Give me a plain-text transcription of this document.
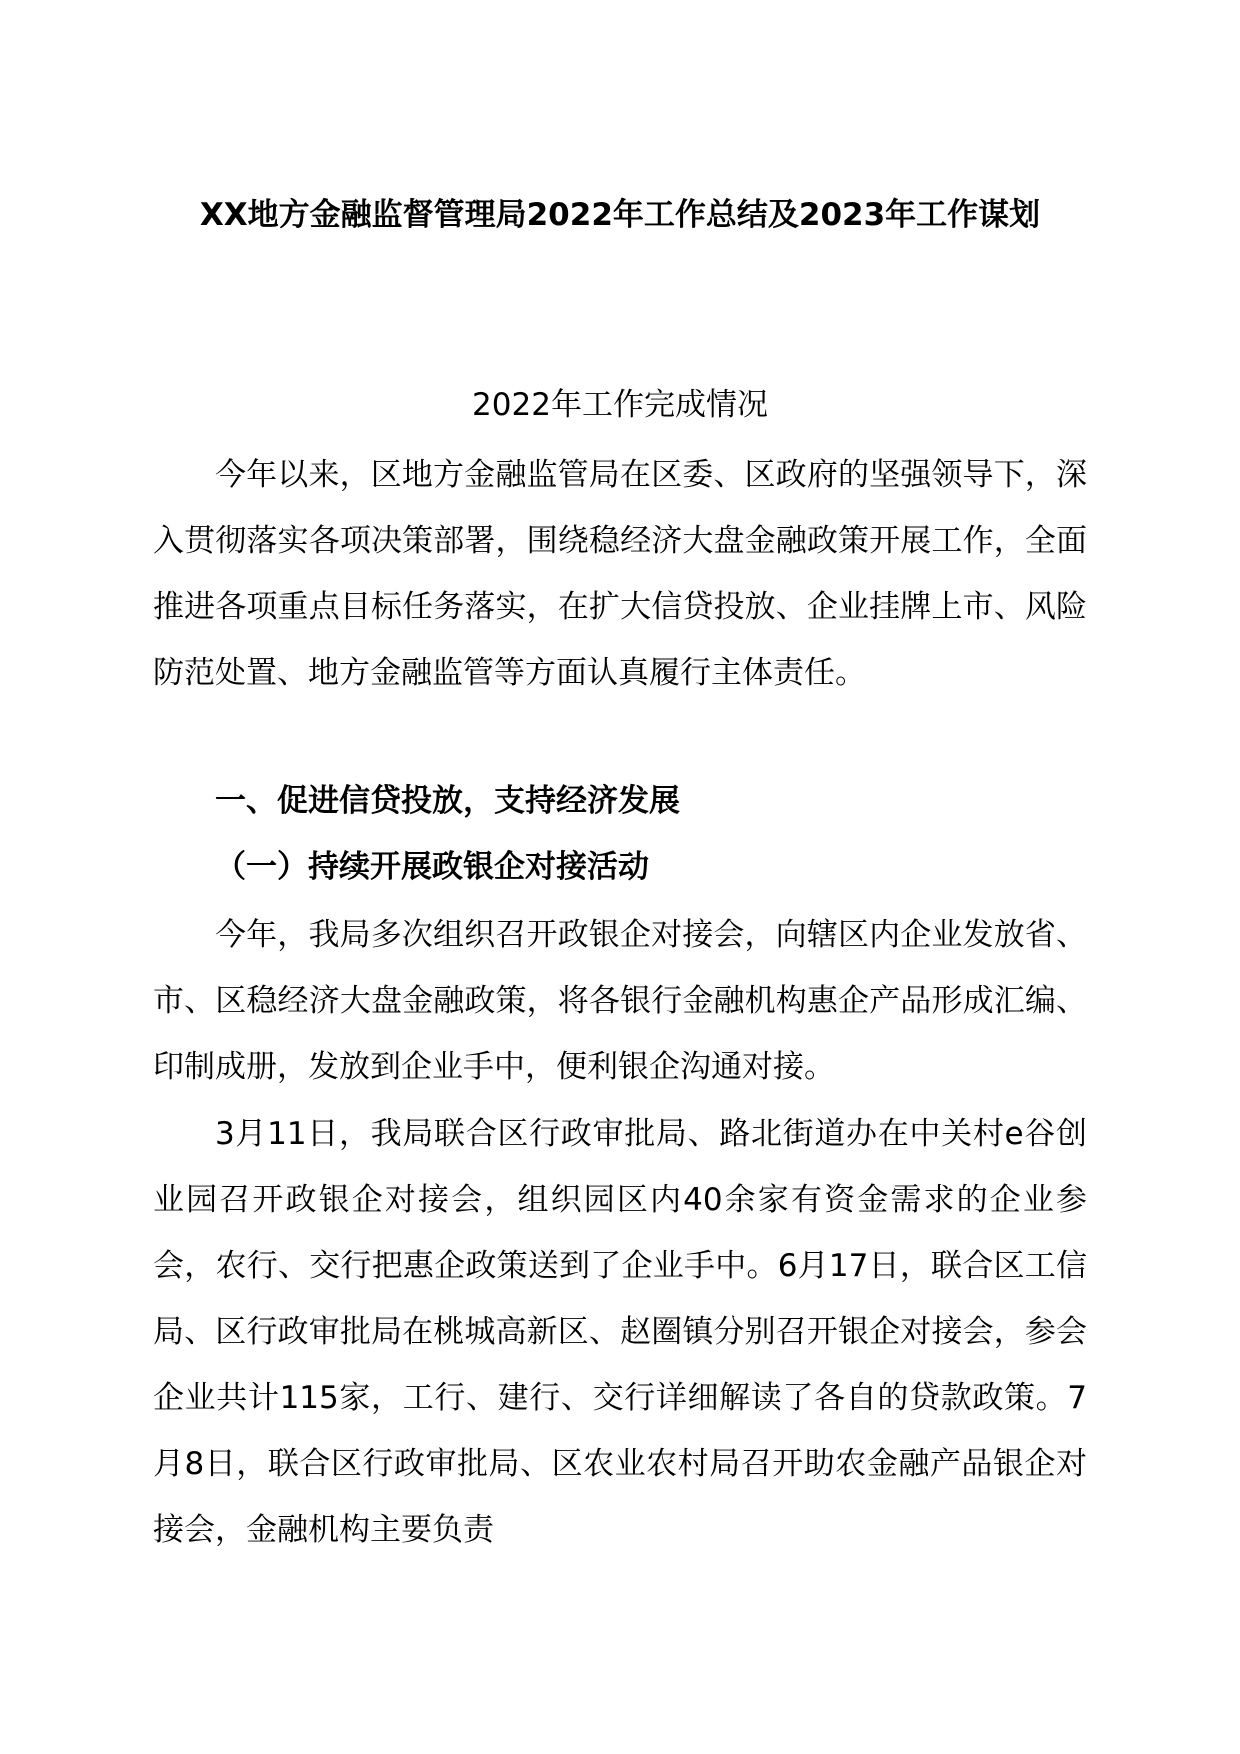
XX地方金融监督管理局2022年工作总结及2023年工作谋划

2022年工作完成情况

今年以来，区地方金融监管局在区委、区政府的坚强领导下，深入贯彻落实各项决策部署，围绕稳经济大盘金融政策开展工作，全面推进各项重点目标任务落实，在扩大信贷投放、企业挂牌上市、风险防范处置、地方金融监管等方面认真履行主体责任。

一、促进信贷投放，支持经济发展

（一）持续开展政银企对接活动

今年，我局多次组织召开政银企对接会，向辖区内企业发放省、市、区稳经济大盘金融政策，将各银行金融机构惠企产品形成汇编、印制成册，发放到企业手中，便利银企沟通对接。

3月11日，我局联合区行政审批局、路北街道办在中关村e谷创业园召开政银企对接会，组织园区内40余家有资金需求的企业参会，农行、交行把惠企政策送到了企业手中。6月17日，联合区工信局、区行政审批局在桃城高新区、赵圈镇分别召开银企对接会，参会企业共计115家，工行、建行、交行详细解读了各自的贷款政策。7月8日，联合区行政审批局、区农业农村局召开助农金融产品银企对接会，金融机构主要负责
